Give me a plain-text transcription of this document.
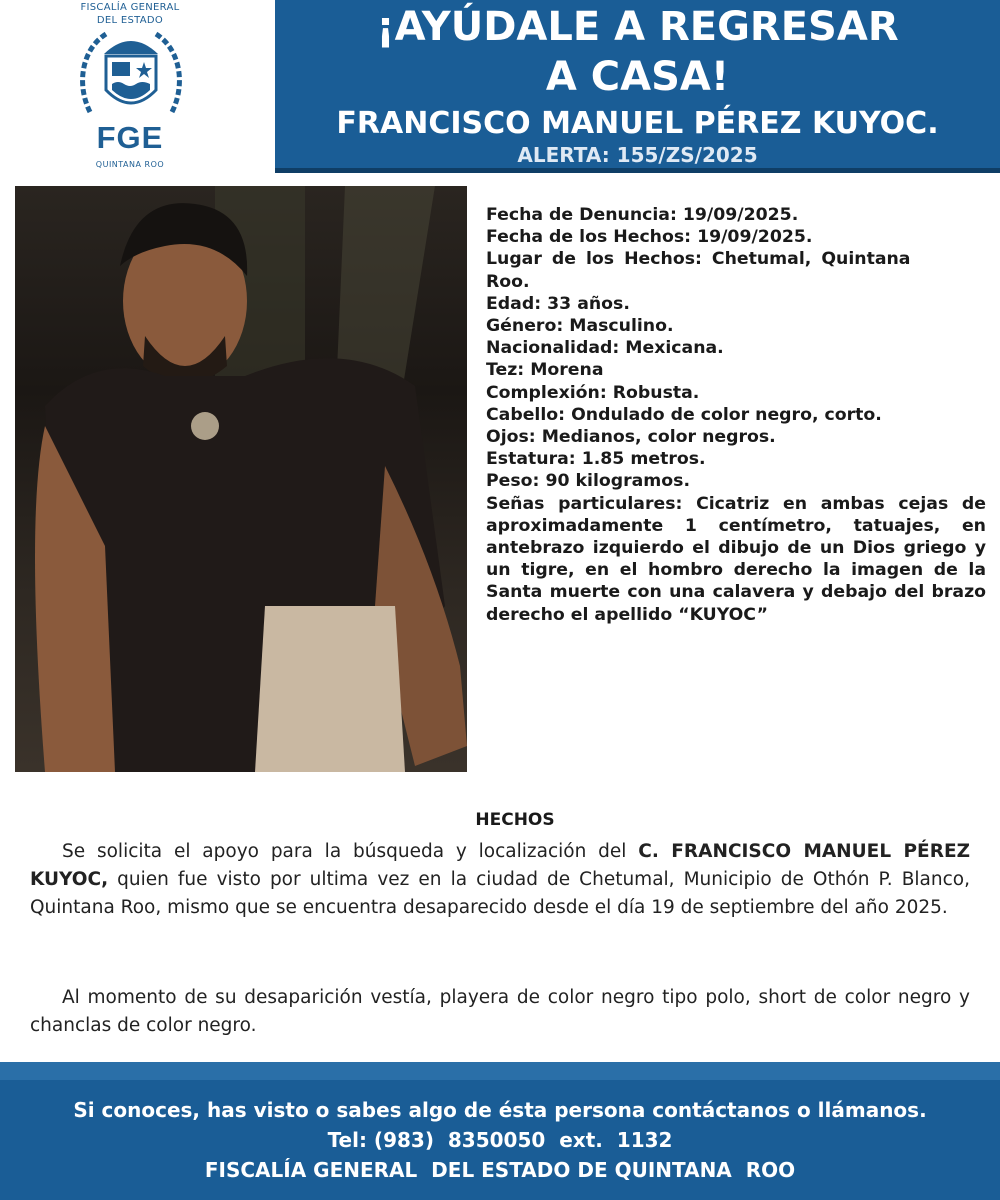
FISCALÍA GENERAL
DEL ESTADO
FGE
QUINTANA ROO
¡AYÚDALE A REGRESAR
A CASA!
FRANCISCO MANUEL PÉREZ KUYOC.
ALERTA: 155/ZS/2025
Fecha de Denuncia: 19/09/2025.
Fecha de los Hechos: 19/09/2025.
Lugar de los Hechos: Chetumal, Quintana
Roo.
Edad: 33 años.
Género: Masculino.
Nacionalidad: Mexicana.
Tez: Morena
Complexión: Robusta.
Cabello: Ondulado de color negro, corto.
Ojos: Medianos, color negros.
Estatura: 1.85 metros.
Peso: 90 kilogramos.
Señas particulares: Cicatriz en ambas cejas de aproximadamente 1 centímetro, tatuajes, en antebrazo izquierdo el dibujo de un Dios griego y un tigre, en el hombro derecho la imagen de la Santa muerte con una calavera y debajo del brazo derecho el apellido “KUYOC”
HECHOS
Se solicita el apoyo para la búsqueda y localización del C. FRANCISCO MANUEL PÉREZ KUYOC, quien fue visto por ultima vez en la ciudad de Chetumal, Municipio de Othón P. Blanco, Quintana Roo, mismo que se encuentra desaparecido desde el día 19 de septiembre del año 2025.
Al momento de su desaparición vestía, playera de color negro tipo polo, short de color negro y chanclas de color negro.
Si conoces, has visto o sabes algo de ésta persona contáctanos o llámanos.
Tel: (983)  8350050  ext.  1132
FISCALÍA GENERAL  DEL ESTADO DE QUINTANA  ROO
